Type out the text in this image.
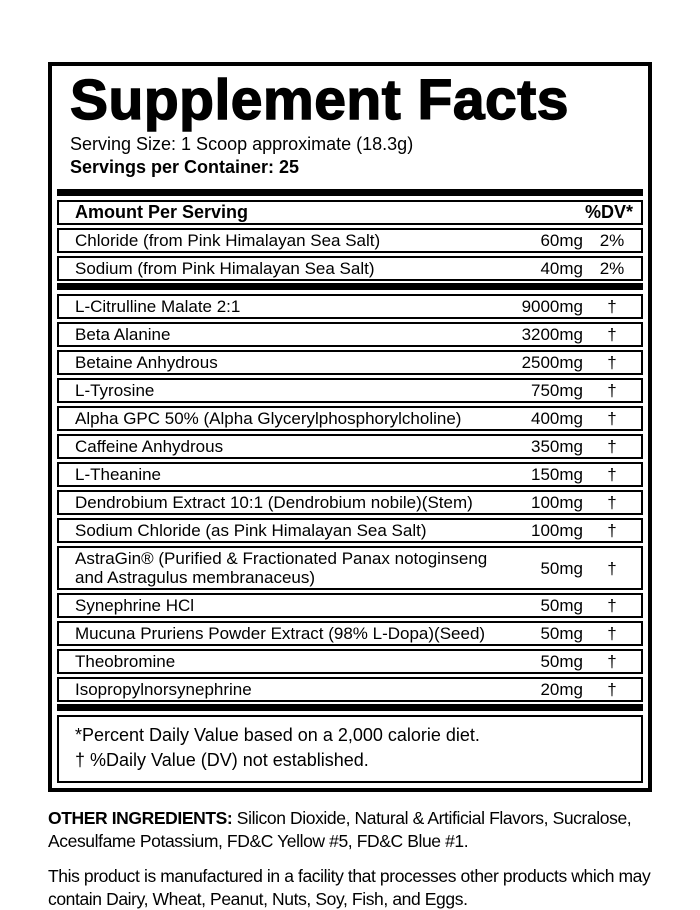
Supplement Facts
Serving Size: 1 Scoop approximate (18.3g)
Servings per Container: 25
Amount Per Serving	%DV*
Chloride (from Pink Himalayan Sea Salt)	60mg 2%
Sodium (from Pink Himalayan Sea Salt)	40mg 2%
L-Citrulline Malate 2:1	9000mg	†
Beta Alanine	3200mg	†
Betaine Anhydrous	2500mg	†
L-Tyrosine	750mg	†
Alpha GPC 50% (Alpha Glycerylphosphorylcholine)	400mg	†
Caffeine Anhydrous	350mg	†
L-Theanine	150mg	†
Dendrobium Extract 10:1 (Dendrobium nobile)(Stem)	100mg	†
Sodium Chloride (as Pink Himalayan Sea Salt)	100mg	†
AstraGin® (Purified & Fractionated Panax notoginseng and Astragulus membranaceus)	50mg	†
Synephrine HCl	50mg	†
Mucuna Pruriens Powder Extract (98% L-Dopa)(Seed)	50mg	†
Theobromine	50mg	†
Isopropylnorsynephrine	20mg	†
*Percent Daily Value based on a 2,000 calorie diet.
† %Daily Value (DV) not established.

OTHER INGREDIENTS: Silicon Dioxide, Natural & Artificial Flavors, Sucralose, Acesulfame Potassium, FD&C Yellow #5, FD&C Blue #1.

This product is manufactured in a facility that processes other products which may contain Dairy, Wheat, Peanut, Nuts, Soy, Fish, and Eggs.
